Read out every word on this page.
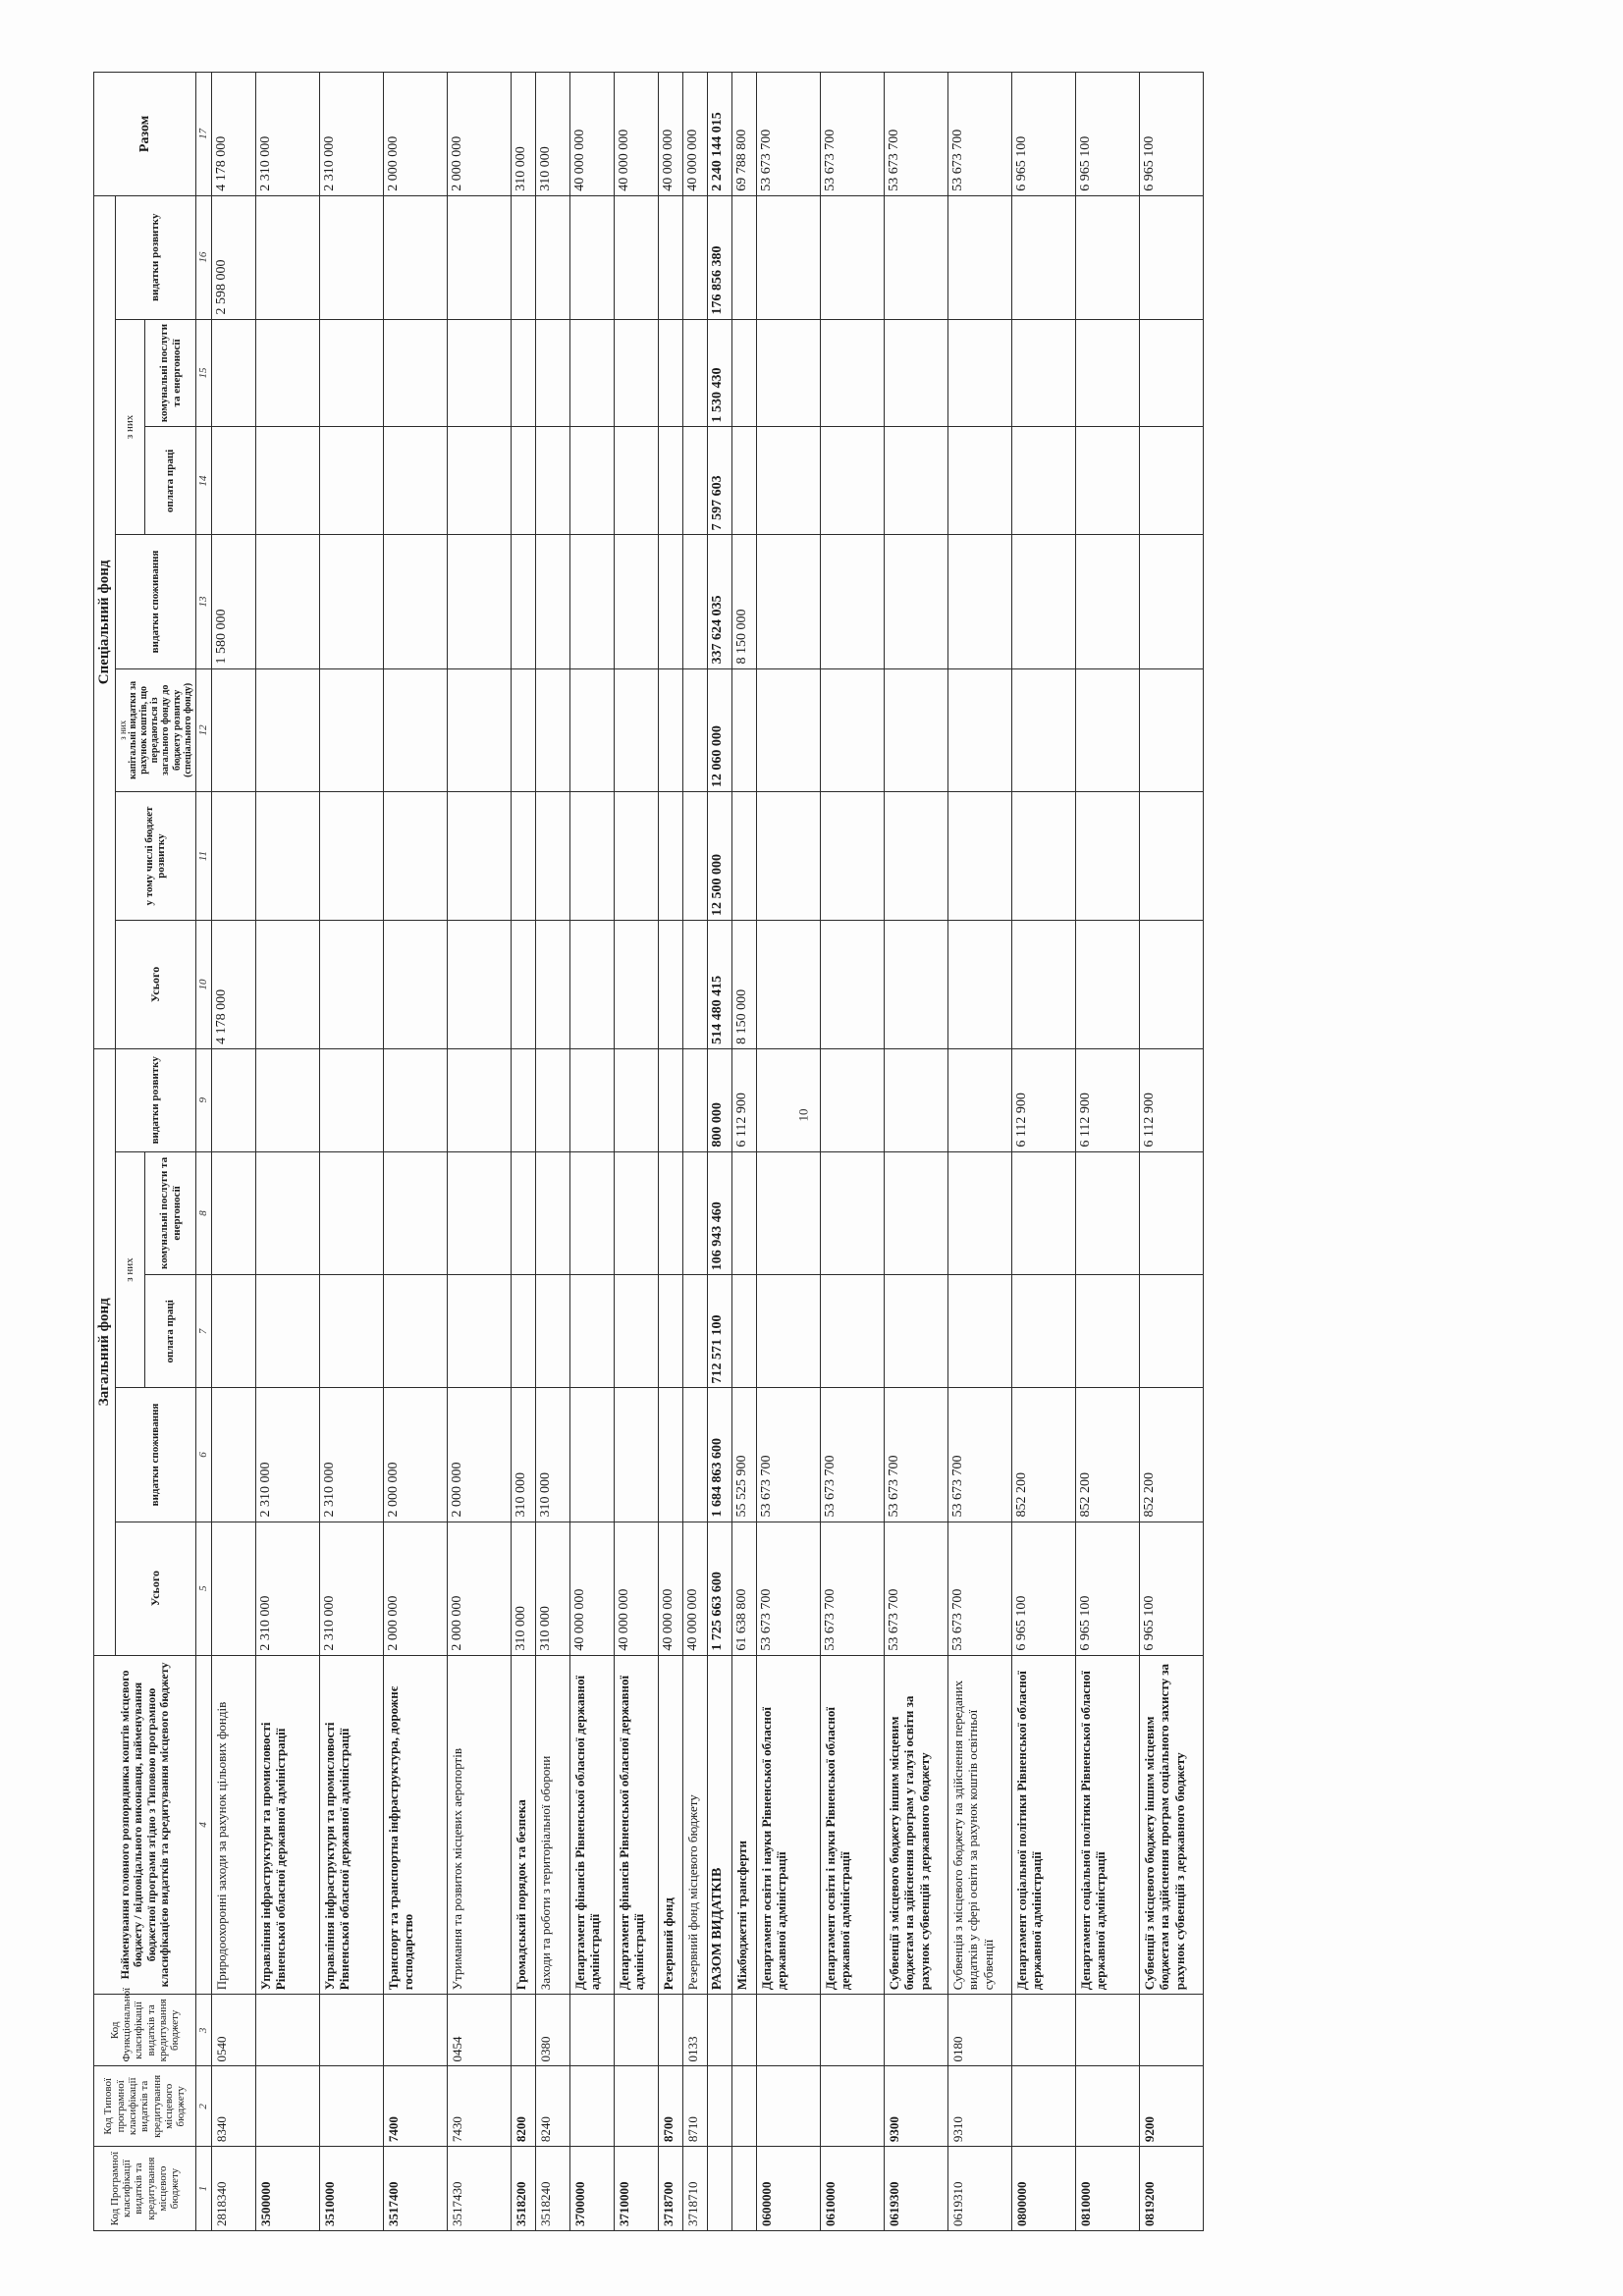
10
Код Програмної класифікації видатків та кредитування місцевого бюджету	Код Типової програмної класифікації видатків та кредитування місцевого бюджету	Код Функціональної класифікації видатків та кредитування бюджету	Найменування головного розпорядника коштів місцевого бюджету / відповідального виконавця, найменування бюджетної програми згідно з Типовою програмною класифікацією видатків та кредитування місцевого бюджету	Загальний фонд					Спеціальний фонд							Разом
				Усього	видатки споживання	з них		видатки розвитку	Усього	у тому числі бюджет розвитку	з них капітальні видатки за рахунок коштів, що передаються із загального фонду до бюджету розвитку (спеціального фонду)	видатки споживання	з них		видатки розвитку	
						оплата праці	комунальні послуги та енергоносії						оплата праці	комунальні послуги та енергоносії		
1	2	3	4	5	6	7	8	9	10	11	12	13	14	15	16	17
2818340	8340	0540	Природоохоронні заходи за рахунок цільових фондів						4 178 000			1 580 000			2 598 000	4 178 000

3500000			Управління інфраструктури та промисловості Рівненської обласної державної адміністрації	2 310 000	2 310 000											2 310 000

3510000			Управління інфраструктури та промисловості Рівненської обласної державної адміністрації	2 310 000	2 310 000											2 310 000

3517400	7400		Транспорт та транспортна інфраструктура, дорожнє господарство	2 000 000	2 000 000											2 000 000

3517430	7430	0454	Утримання та розвиток місцевих аеропортів	2 000 000	2 000 000											2 000 000

3518200	8200		Громадський порядок та безпека	310 000	310 000											310 000

3518240	8240	0380	Заходи та роботи з територіальної оборони	310 000	310 000											310 000

3700000			Департамент фінансів Рівненської обласної державної адміністрації	40 000 000												40 000 000

3710000			Департамент фінансів Рівненської обласної державної адміністрації	40 000 000												40 000 000

3718700	8700		Резервний фонд	40 000 000												40 000 000

3718710	8710	0133	Резервний фонд місцевого бюджету	40 000 000												40 000 000

			РАЗОМ ВИДАТКІВ	1 725 663 600	1 684 863 600	712 571 100	106 943 460	800 000	514 480 415	12 500 000	12 060 000	337 624 035	7 597 603	1 530 430	176 856 380	2 240 144 015

			Міжбюджетні трансферти	61 638 800	55 525 900			6 112 900	8 150 000			8 150 000				69 788 800

0600000			Департамент освіти і науки Рівненської обласної державної адміністрації	53 673 700	53 673 700											53 673 700

0610000			Департамент освіти і науки Рівненської обласної державної адміністрації	53 673 700	53 673 700											53 673 700

0619300	9300		Субвенції з місцевого бюджету іншим місцевим бюджетам на здійснення програм у галузі освіти за рахунок субвенцій з державного бюджету	53 673 700	53 673 700											53 673 700

0619310	9310	0180	Субвенція з місцевого бюджету на здійснення переданих видатків у сфері освіти за рахунок коштів освітньої субвенції	53 673 700	53 673 700											53 673 700

0800000			Департамент соціальної політики Рівненської обласної державної адміністрації	6 965 100	852 200			6 112 900								6 965 100

0810000			Департамент соціальної політики Рівненської обласної державної адміністрації	6 965 100	852 200			6 112 900								6 965 100

0819200	9200		Субвенції з місцевого бюджету іншим місцевим бюджетам на здійснення програм соціального захисту за рахунок субвенцій з державного бюджету	6 965 100	852 200			6 112 900								6 965 100
